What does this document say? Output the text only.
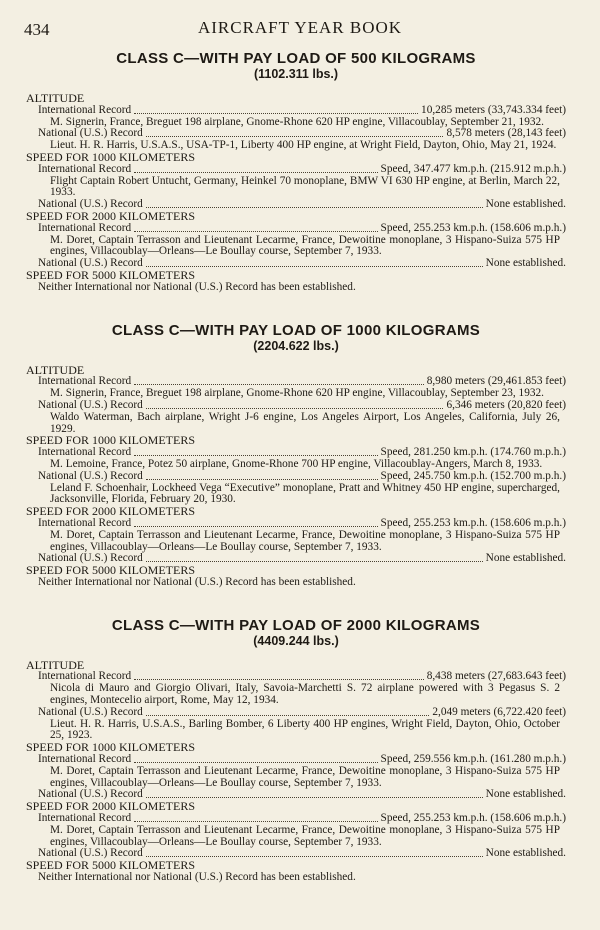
434	AIRCRAFT YEAR BOOK
CLASS C—WITH PAY LOAD OF 500 KILOGRAMS
(1102.311 lbs.)
ALTITUDE
International Record	10,285 meters (33,743.334 feet)
M. Signerin, France, Breguet 198 airplane, Gnome-Rhone 620 HP engine, Villacoublay, September 21, 1932.
National (U.S.) Record	8,578 meters (28,143 feet)
Lieut. H. R. Harris, U.S.A.S., USA-TP-1, Liberty 400 HP engine, at Wright Field, Dayton, Ohio, May 21, 1924.
SPEED FOR 1000 KILOMETERS
International Record	Speed, 347.477 km.p.h. (215.912 m.p.h.)
Flight Captain Robert Untucht, Germany, Heinkel 70 monoplane, BMW VI 630 HP engine, at Berlin, March 22, 1933.
National (U.S.) Record	None established.
SPEED FOR 2000 KILOMETERS
International Record	Speed, 255.253 km.p.h. (158.606 m.p.h.)
M. Doret, Captain Terrasson and Lieutenant Lecarme, France, Dewoitine monoplane, 3 Hispano-Suiza 575 HP engines, Villacoublay—Orleans—Le Boullay course, September 7, 1933.
National (U.S.) Record	None established.
SPEED FOR 5000 KILOMETERS
Neither International nor National (U.S.) Record has been established.
CLASS C—WITH PAY LOAD OF 1000 KILOGRAMS
(2204.622 lbs.)
ALTITUDE
International Record	8,980 meters (29,461.853 feet)
M. Signerin, France, Breguet 198 airplane, Gnome-Rhone 620 HP engine, Villacoublay, September 23, 1932.
National (U.S.) Record	6,346 meters (20,820 feet)
Waldo Waterman, Bach airplane, Wright J-6 engine, Los Angeles Airport, Los Angeles, California, July 26, 1929.
SPEED FOR 1000 KILOMETERS
International Record	Speed, 281.250 km.p.h. (174.760 m.p.h.)
M. Lemoine, France, Potez 50 airplane, Gnome-Rhone 700 HP engine, Villacoublay-Angers, March 8, 1933.
National (U.S.) Record	Speed, 245.750 km.p.h. (152.700 m.p.h.)
Leland F. Schoenhair, Lockheed Vega “Executive” monoplane, Pratt and Whitney 450 HP engine, supercharged, Jacksonville, Florida, February 20, 1930.
SPEED FOR 2000 KILOMETERS
International Record	Speed, 255.253 km.p.h. (158.606 m.p.h.)
M. Doret, Captain Terrasson and Lieutenant Lecarme, France, Dewoitine monoplane, 3 Hispano-Suiza 575 HP engines, Villacoublay—Orleans—Le Boullay course, September 7, 1933.
National (U.S.) Record	None established.
SPEED FOR 5000 KILOMETERS
Neither International nor National (U.S.) Record has been established.
CLASS C—WITH PAY LOAD OF 2000 KILOGRAMS
(4409.244 lbs.)
ALTITUDE
International Record	8,438 meters (27,683.643 feet)
Nicola di Mauro and Giorgio Olivari, Italy, Savoia-Marchetti S. 72 airplane powered with 3 Pegasus S. 2 engines, Montecelio airport, Rome, May 12, 1934.
National (U.S.) Record	2,049 meters (6,722.420 feet)
Lieut. H. R. Harris, U.S.A.S., Barling Bomber, 6 Liberty 400 HP engines, Wright Field, Dayton, Ohio, October 25, 1923.
SPEED FOR 1000 KILOMETERS
International Record	Speed, 259.556 km.p.h. (161.280 m.p.h.)
M. Doret, Captain Terrasson and Lieutenant Lecarme, France, Dewoitine monoplane, 3 Hispano-Suiza 575 HP engines, Villacoublay—Orleans—Le Boullay course, September 7, 1933.
National (U.S.) Record	None established.
SPEED FOR 2000 KILOMETERS
International Record	Speed, 255.253 km.p.h. (158.606 m.p.h.)
M. Doret, Captain Terrasson and Lieutenant Lecarme, France, Dewoitine monoplane, 3 Hispano-Suiza 575 HP engines, Villacoublay—Orleans—Le Boullay course, September 7, 1933.
National (U.S.) Record	None established.
SPEED FOR 5000 KILOMETERS
Neither International nor National (U.S.) Record has been established.
